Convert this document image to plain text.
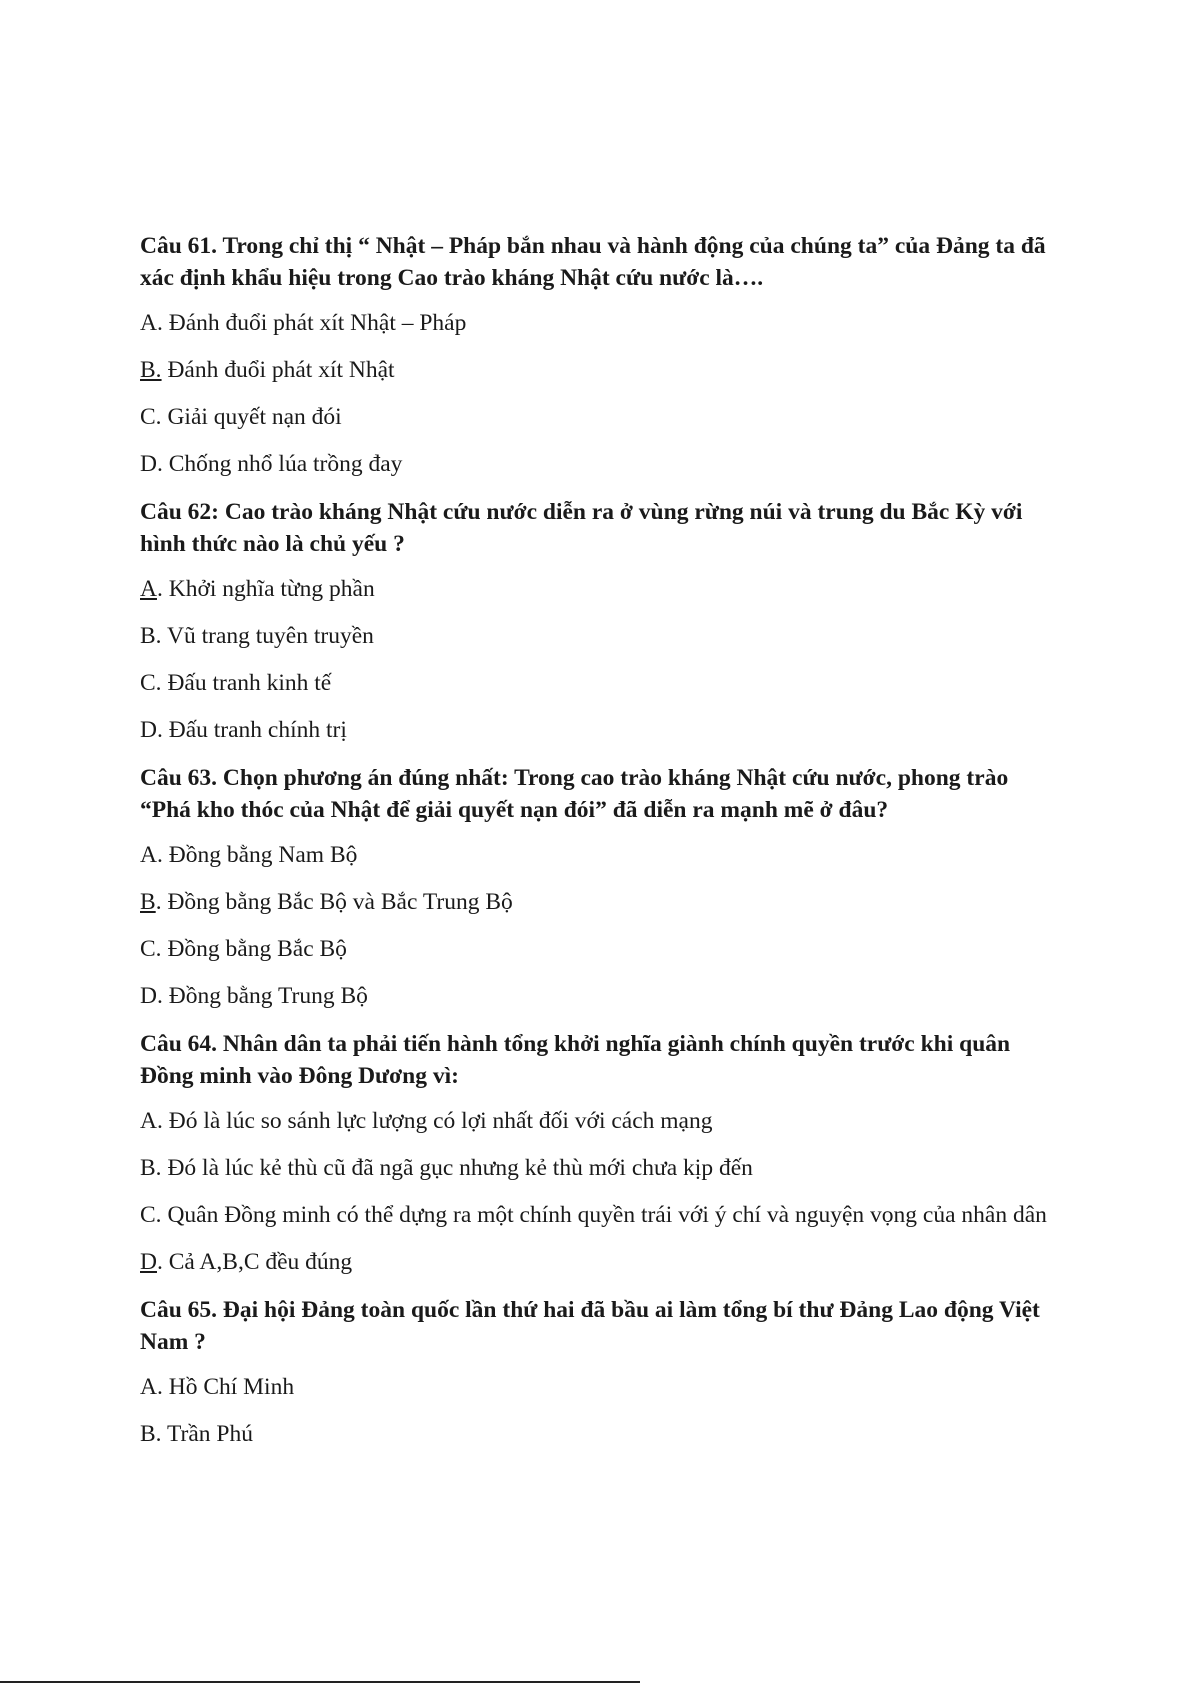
Câu 61. Trong chỉ thị “ Nhật – Pháp bắn nhau và hành động của chúng ta” của Đảng ta đã xác định khẩu hiệu trong Cao trào kháng Nhật cứu nước là….

A. Đánh đuổi phát xít Nhật – Pháp

B. Đánh đuổi phát xít Nhật

C. Giải quyết nạn đói

D. Chống nhổ lúa trồng đay

Câu 62: Cao trào kháng Nhật cứu nước diễn ra ở vùng rừng núi và trung du Bắc Kỳ với hình thức nào là chủ yếu ?

A. Khởi nghĩa từng phần

B. Vũ trang tuyên truyền

C. Đấu tranh kinh tế

D. Đấu tranh chính trị

Câu 63. Chọn phương án đúng nhất: Trong cao trào kháng Nhật cứu nước, phong trào “Phá kho thóc của Nhật để giải quyết nạn đói” đã diễn ra mạnh mẽ ở đâu?

A. Đồng bằng Nam Bộ

B. Đồng bằng Bắc Bộ và Bắc Trung Bộ

C. Đồng bằng Bắc Bộ

D. Đồng bằng Trung Bộ

Câu 64. Nhân dân ta phải tiến hành tổng khởi nghĩa giành chính quyền trước khi quân Đồng minh vào Đông Dương vì:

A. Đó là lúc so sánh lực lượng có lợi nhất đối với cách mạng

B. Đó là lúc kẻ thù cũ đã ngã gục nhưng kẻ thù mới chưa kịp đến

C. Quân Đồng minh có thể dựng ra một chính quyền trái với ý chí và nguyện vọng của nhân dân

D. Cả A,B,C đều đúng

Câu 65. Đại hội Đảng toàn quốc lần thứ hai đã bầu ai làm tổng bí thư Đảng Lao động Việt Nam ?

A. Hồ Chí Minh

B. Trần Phú
